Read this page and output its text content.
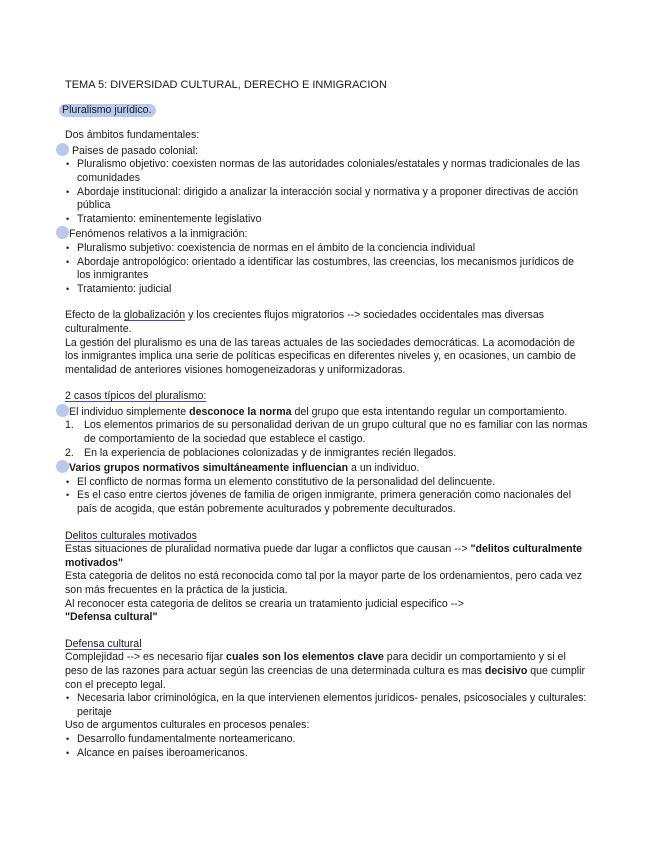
TEMA 5: DIVERSIDAD CULTURAL, DERECHO E INMIGRACION

Pluralismo jurídico.

Dos ámbitos fundamentales:

Paises de pasado colonial:

• Pluralismo objetivo: coexisten normas de las autoridades coloniales/estatales y normas tradicionales de las comunidades
• Abordaje institucional: dirigido a analizar la interacción social y normativa y a proponer directivas de acción pública
• Tratamiento: eminentemente legislativo

Fenómenos relativos a la inmigración:

• Pluralismo subjetivo: coexistencia de normas en el ámbito de la conciencia individual
• Abordaje antropológico: orientado a identificar las costumbres, las creencias, los mecanismos jurídicos de los inmigrantes
• Tratamiento: judicial

Efecto de la globalización y los crecientes flujos migratorios --> sociedades occidentales mas diversas culturalmente.

La gestión del pluralismo es una de las tareas actuales de las sociedades democráticas. La acomodación de los inmigrantes implica una serie de políticas especificas en diferentes niveles y, en ocasiones, un cambio de mentalidad de anteriores visiones homogeneizadoras y uniformizadoras.

2 casos típicos del pluralismo:

El individuo simplemente desconoce la norma del grupo que esta intentando regular un comportamiento.

1. Los elementos primarios de su personalidad derivan de un grupo cultural que no es familiar con las normas de comportamiento de la sociedad que establece el castigo.
2. En la experiencia de poblaciones colonizadas y de inmigrantes recién llegados.

Varios grupos normativos simultáneamente influencian a un individuo.

• El conflicto de normas forma un elemento constitutivo de la personalidad del delincuente.
• Es el caso entre ciertos jóvenes de familia de origen inmigrante, primera generación como nacionales del país de acogida, que están pobremente aculturados y pobremente deculturados.

Delitos culturales motivados

Estas situaciones de pluralidad normativa puede dar lugar a conflictos que causan --> "delitos culturalmente motivados"

Esta categoria de delitos no está reconocida como tal por la mayor parte de los ordenamientos, pero cada vez son más frecuentes en la práctica de la justicia.

Al reconocer esta categoria de delitos se crearia un tratamiento judicial especifico -->

"Defensa cultural"

Defensa cultural

Complejidad --> es necesario fijar cuales son los elementos clave para decidir un comportamiento y si el peso de las razones para actuar según las creencias de una determinada cultura es mas decisivo que cumplir con el precepto legal.

• Necesaria labor criminológica, en la que intervienen elementos jurídicos- penales, psicosociales y culturales: peritaje

Uso de argumentos culturales en procesos penales:

• Desarrollo fundamentalmente norteamericano.
• Alcance en países iberoamericanos.
